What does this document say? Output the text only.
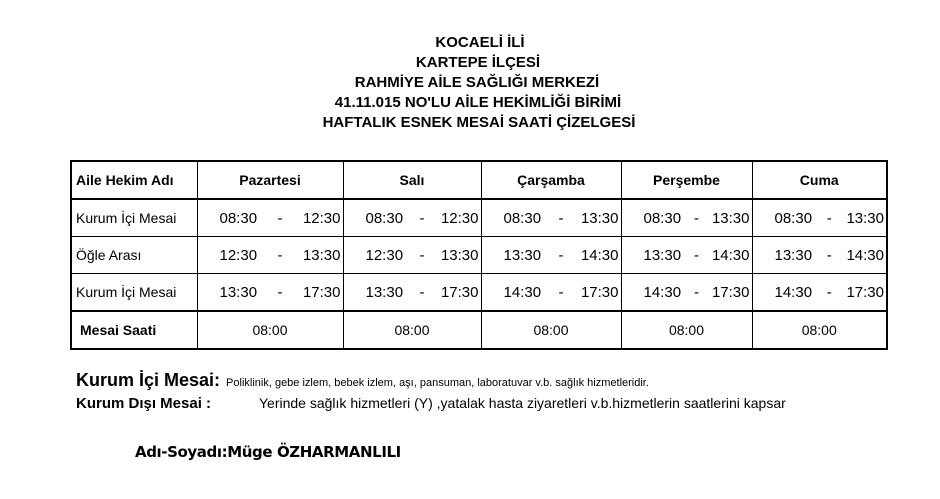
KOCAELİ İLİ
KARTEPE İLÇESİ
RAHMİYE AİLE SAĞLIĞI MERKEZİ
41.11.015 NO'LU AİLE HEKİMLİĞİ BİRİMİ
HAFTALIK ESNEK MESAİ SAATİ ÇİZELGESİ
Aile Hekim Adı	Pazartesi	Salı	Çarşamba	Perşembe	Cuma
Kurum İçi Mesai	08:30 - 12:30	08:30 - 12:30	08:30 - 13:30	08:30 - 13:30	08:30 - 13:30

Öğle Arası	12:30 - 13:30	12:30 - 13:30	13:30 - 14:30	13:30 - 14:30	13:30 - 14:30

Kurum İçi Mesai	13:30 - 17:30	13:30 - 17:30	14:30 - 17:30	14:30 - 17:30	14:30 - 17:30

Mesai Saati	08:00	08:00	08:00	08:00	08:00
Kurum İçi Mesai: Poliklinik, gebe izlem, bebek izlem, aşı, pansuman, laboratuvar v.b. sağlık hizmetleridir.
Kurum Dışı Mesai :	Yerinde sağlık hizmetleri (Y) ,yatalak hasta ziyaretleri v.b.hizmetlerin saatlerini kapsar
Adı-Soyadı:Müge ÖZHARMANLILI
